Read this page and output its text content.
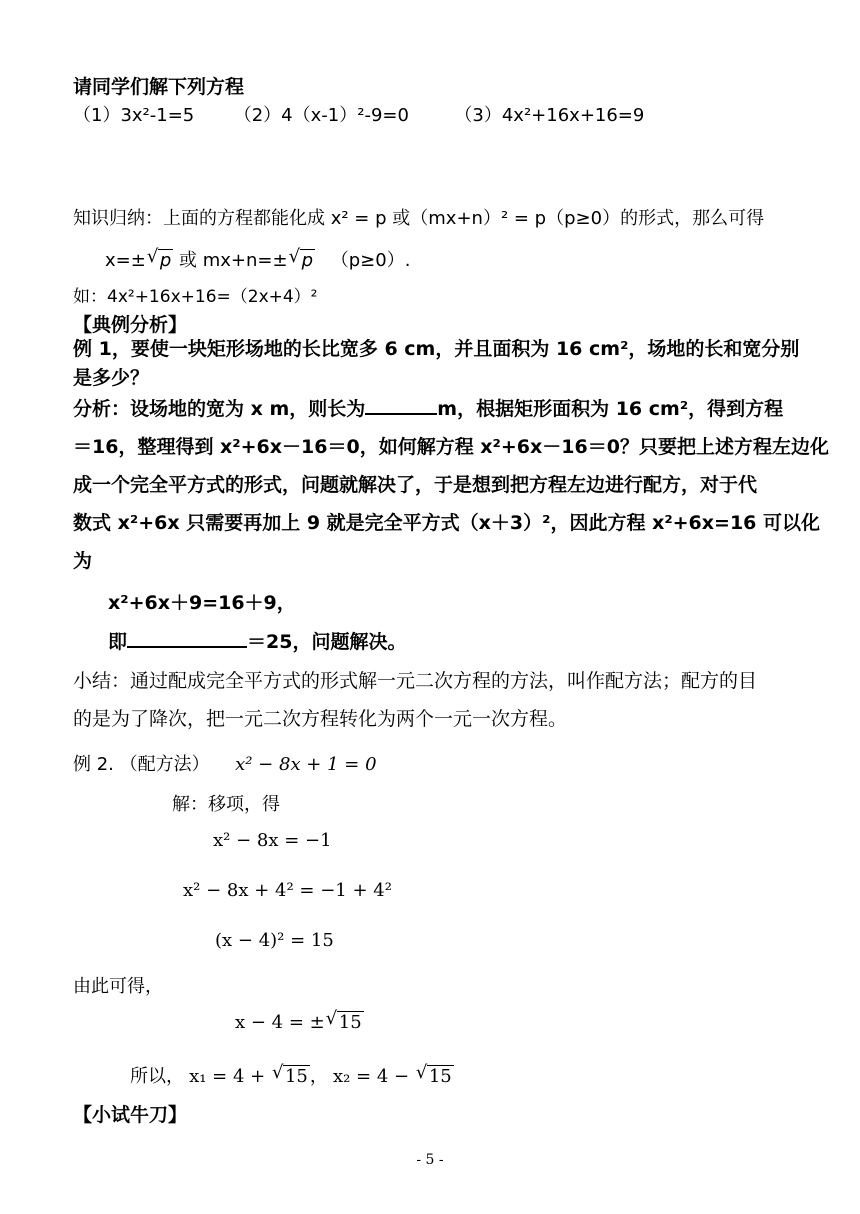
请同学们解下列方程
（1）3x²-1=5 （2）4（x-1）²-9=0	（3）4x²+16x+16=9
知识归纳：上面的方程都能化成 x² = p 或（mx+n）² = p（p≥0）的形式，那么可得
x=± √ p 或 mx+n=± √ p （p≥0）.
如：4x²+16x+16=（2x+4）²
【典例分析】
例 1，要使一块矩形场地的长比宽多 6 cm，并且面积为 16 cm²，场地的长和宽分别
是多少？
分析：设场地的宽为 x m，则长为	m，根据矩形面积为 16 cm²，得到方程
＝16，整理得到 x²+6x－16＝0，如何解方程 x²+6x－16＝0？只要把上述方程左边化
成一个完全平方式的形式，问题就解决了，于是想到把方程左边进行配方，对于代
数式 x²+6x 只需要再加上 9 就是完全平方式（x＋3）²，因此方程 x²+6x=16 可以化
为
x²+6x＋9=16＋9，
即	＝25，问题解决。
小结：通过配成完全平方式的形式解一元二次方程的方法，叫作配方法；配方的目
的是为了降次，把一元二次方程转化为两个一元一次方程。
例 2. （配方法） x² − 8x + 1 = 0
解：移项，得
x² − 8x = −1
x² − 8x + 4² = −1 + 4²
(x − 4)² = 15
由此可得，
x − 4 = ± √ 15
所以， x₁ = 4 + √ 15 ， x₂ = 4 − √ 15
【小试牛刀】
- 5 -
